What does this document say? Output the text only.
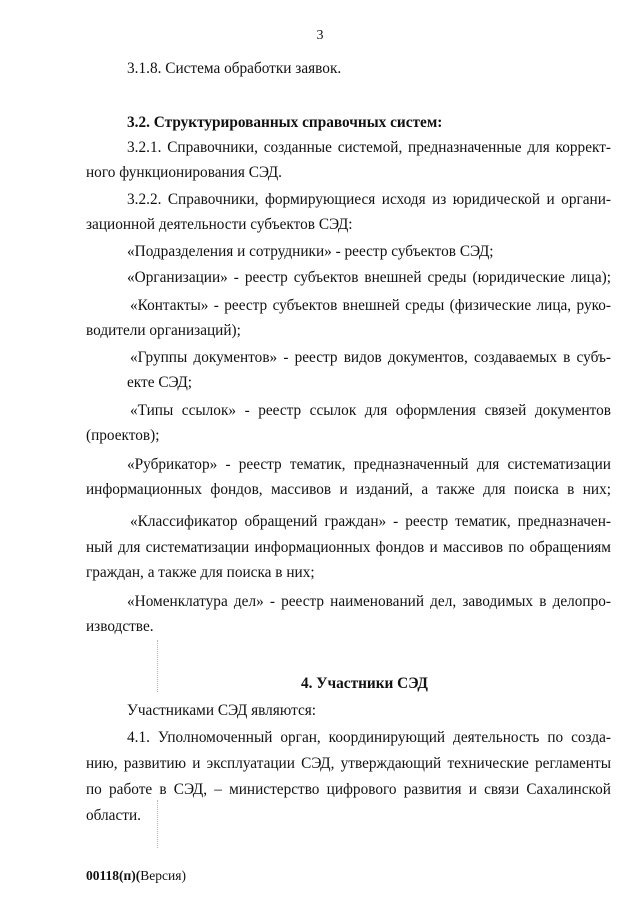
3
3.1.8. Система обработки заявок.
3.2. Структурированных справочных систем:
3.2.1. Справочники, созданные системой, предназначенные для коррект-
ного функционирования СЭД.
3.2.2. Справочники, формирующиеся исходя из юридической и органи-
зационной деятельности субъектов СЭД:
«Подразделения и сотрудники» - реестр субъектов СЭД;
«Организации» - реестр субъектов внешней среды (юридические лица);
«Контакты» - реестр субъектов внешней среды (физические лица, руко-
водители организаций);
«Группы документов» - реестр видов документов, создаваемых в субъ-
екте СЭД;
«Типы ссылок» - реестр ссылок для оформления связей документов
(проектов);
«Рубрикатор» - реестр тематик, предназначенный для систематизации
информационных фондов, массивов и изданий, а также для поиска в них;
«Классификатор обращений граждан» - реестр тематик, предназначен-
ный для систематизации информационных фондов и массивов по обращениям
граждан, а также для поиска в них;
«Номенклатура дел» - реестр наименований дел, заводимых в делопро-
изводстве.
4. Участники СЭД
Участниками СЭД являются:
4.1. Уполномоченный орган, координирующий деятельность по созда-
нию, развитию и эксплуатации СЭД, утверждающий технические регламенты
по работе в СЭД, – министерство цифрового развития и связи Сахалинской
области.
00118(п)(Версия)
